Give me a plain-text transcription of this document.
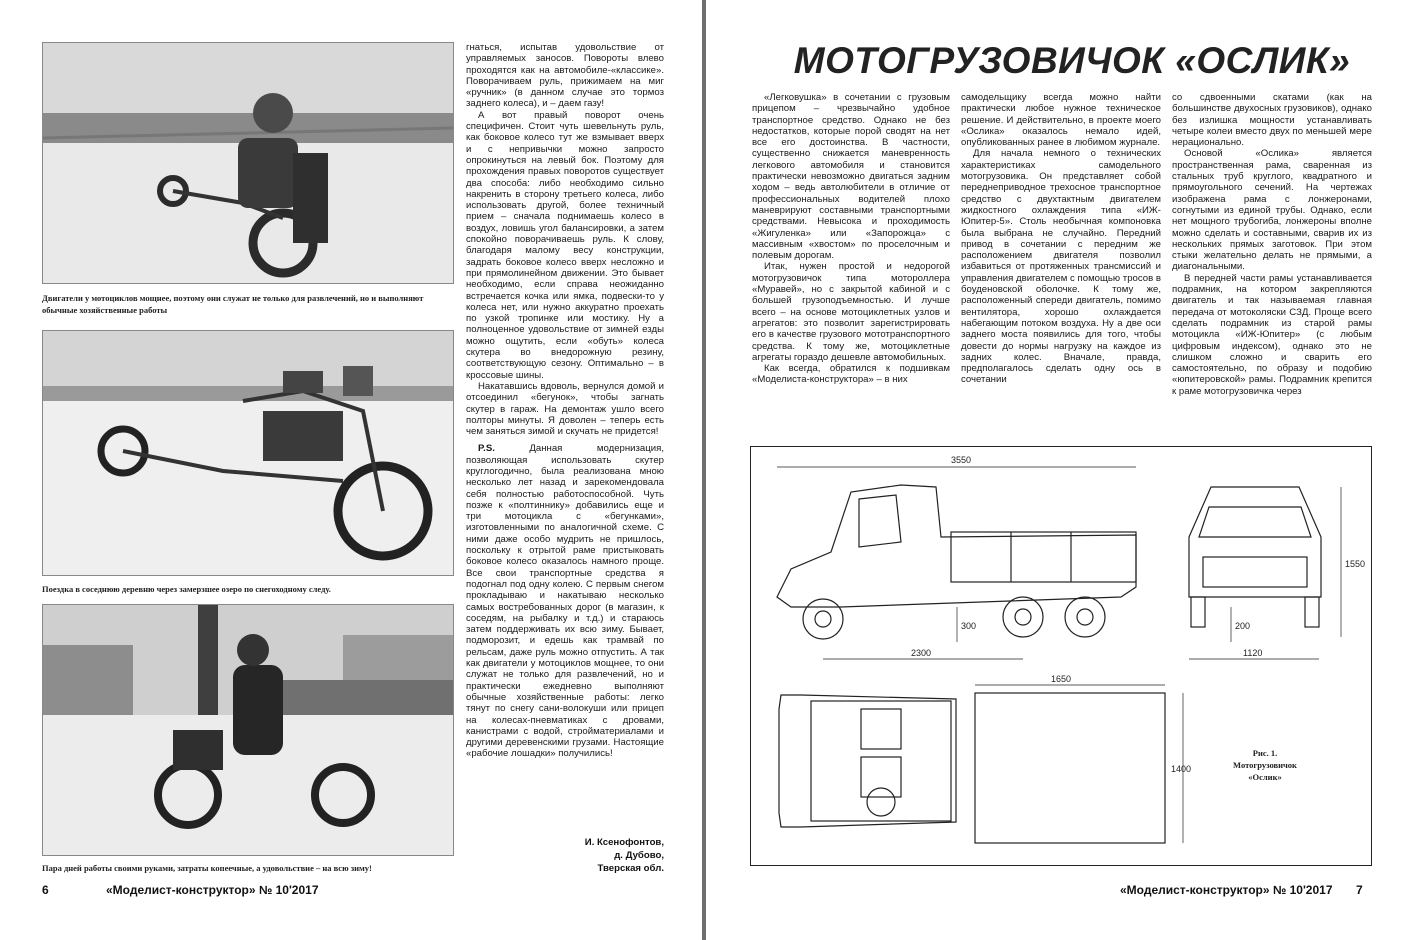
Двигатели у мотоциклов мощнее, поэтому они служат не только для развлечений, но и выполняют обычные хозяйственные работы
Поездка в соседнюю деревню через замерзшее озеро по снегоходному следу.
Пара дней работы своими руками, затраты копеечные, а удовольствие – на всю зиму!

гнаться, испытав удовольствие от управляемых заносов. Повороты влево проходятся как на автомобиле-«классике». Поворачиваем руль, прижимаем на миг «ручник» (в данном случае это тормоз заднего колеса), и – даем газу!

А вот правый поворот очень специфичен. Стоит чуть шевельнуть руль, как боковое колесо тут же взмывает вверх и с непривычки можно запросто опрокинуться на левый бок. Поэтому для прохождения правых поворотов существует два способа: либо необходимо сильно накренить в сторону третьего колеса, либо использовать другой, более техничный прием – сначала поднимаешь колесо в воздух, ловишь угол балансировки, а затем спокойно поворачиваешь руль. К слову, благодаря малому весу конструкции, задрать боковое колесо вверх несложно и при прямолинейном движении. Это бывает необходимо, если справа неожиданно встречается кочка или ямка, подвески-то у колеса нет, или нужно аккуратно проехать по узкой тропинке или мостику. Ну а полноценное удовольствие от зимней езды можно ощутить, если «обуть» колеса скутера во внедорожную резину, соответствующую сезону. Оптимально – в кроссовые шины.

Накатавшись вдоволь, вернулся домой и отсоединил «бегунок», чтобы загнать скутер в гараж. На демонтаж ушло всего полторы минуты. Я доволен – теперь есть чем заняться зимой и скучать не придется!

P.S.	Данная модернизация, позволяющая использовать скутер круглогодично, была реализована мною несколько лет назад и зарекомендовала себя полностью работоспособной. Чуть позже к «полтиннику» добавились еще и три мотоцикла с «бегунками», изготовленными по аналогичной схеме. С ними даже особо мудрить не пришлось, поскольку к отрытой раме пристыковать боковое колесо оказалось намного проще. Все свои транспортные средства я подогнал под одну колею. С первым снегом прокладываю и накатываю несколько самых востребованных дорог (в магазин, к соседям, на рыбалку и т.д.) и стараюсь затем поддерживать их всю зиму. Бывает, подморозит, и едешь как трамвай по рельсам, даже руль можно отпустить. А так как двигатели у мотоциклов мощнее, то они служат не только для развлечений, но и практически ежедневно выполняют обычные хозяйственные работы: легко тянут по снегу сани-волокуши или прицеп на колесах-пневматиках с дровами, канистрами с водой, стройматериалами и другими деревенскими грузами. Настоящие «рабочие лошадки» получились!

И. Ксенофонтов,
д. Дубово,
Тверская обл.
6	«Моделист-конструктор» № 10'2017
МОТОГРУЗОВИЧОК «ОСЛИК»

«Легковушка» в сочетании с грузовым прицепом – чрезвычайно удобное транспортное средство. Однако не без недостатков, которые порой сводят на нет все его достоинства. В частности, существенно снижается маневренность легкового автомобиля и становится практически невозможно двигаться задним ходом – ведь автолюбители в отличие от профессиональных водителей плохо маневрируют составными транспортными средствами. Невысока и проходимость «Жигуленка» или «Запорожца» с массивным «хвостом» по проселочным и полевым дорогам.

Итак, нужен простой и недорогой мотогрузовичок типа мотороллера «Муравей», но с закрытой кабиной и с большей грузоподъемностью. И лучше всего – на основе мотоциклетных узлов и агрегатов: это позволит зарегистрировать его в качестве грузового мототранспортного средства. К тому же, мотоциклетные агрегаты гораздо дешевле автомобильных.

Как всегда, обратился к подшивкам «Моделиста-конструктора» – в них

самодельщику всегда можно найти практически любое нужное техническое решение. И действительно, в проекте моего «Ослика» оказалось немало идей, опубликованных ранее в любимом журнале.

Для начала немного о технических характеристиках самодельного мотогрузовика. Он представляет собой переднеприводное трехосное транспортное средство с двухтактным двигателем жидкостного охлаждения типа «ИЖ-Юпитер-5». Столь необычная компоновка была выбрана не случайно. Передний привод в сочетании с передним же расположением двигателя позволил избавиться от протяженных трансмиссий и управления двигателем с помощью тросов в боуденовской оболочке. К тому же, расположенный спереди двигатель, помимо вентилятора, хорошо охлаждается набегающим потоком воздуха. Ну а две оси заднего моста появились для того, чтобы довести до нормы нагрузку на каждое из задних колес. Вначале, правда, предполагалось сделать одну ось в сочетании

со сдвоенными скатами (как на большинстве двухосных грузовиков), однако без излишка мощности устанавливать четыре колеи вместо двух по меньшей мере нерационально.

Основой «Ослика» является пространственная рама, сваренная из стальных труб круглого, квадратного и прямоугольного сечений. На чертежах изображена рама с лонжеронами, согнутыми из единой трубы. Однако, если нет мощного трубогиба, лонжероны вполне можно сделать и составными, сварив их из нескольких прямых заготовок. При этом стыки желательно делать не прямыми, а диагональными.

В передней части рамы устанавливается подрамник, на котором закрепляются двигатель и так называемая главная передача от мотоколяски СЗД. Проще всего сделать подрамник из старой рамы мотоцикла «ИЖ-Юпитер» (с любым цифровым индексом), однако это не слишком сложно и сварить его самостоятельно, по образу и подобию «юпитеровской» рамы. Подрамник крепится к раме мотогрузовичка через

3550
2300
300
1550
1120
200
1650
1400
Рис. 1.
Мотогрузовичок
«Ослик»
«Моделист-конструктор» № 10'2017 7
